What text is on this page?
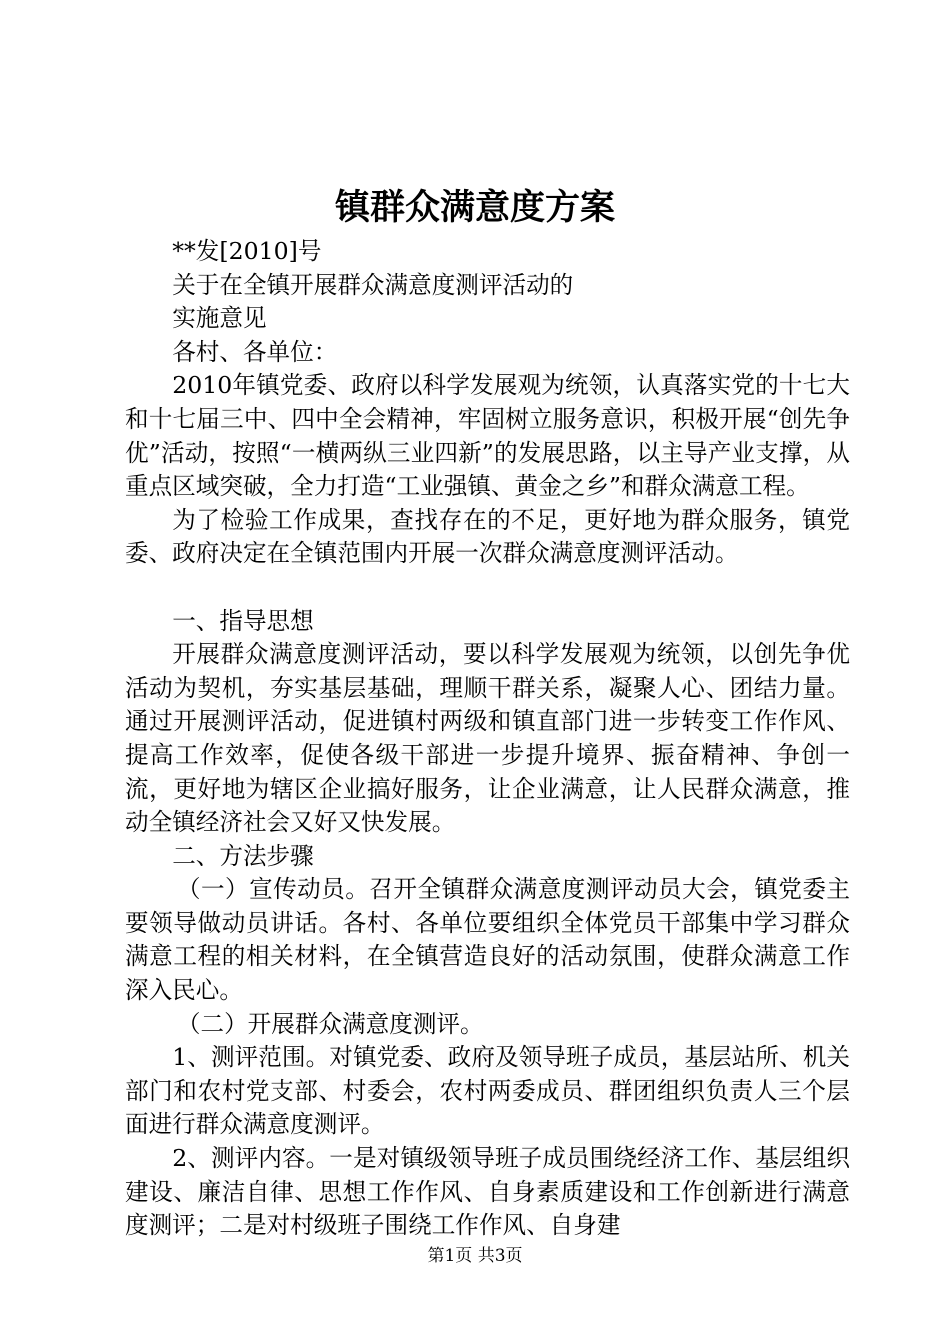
镇群众满意度方案

**发[2010]号

关于在全镇开展群众满意度测评活动的

实施意见

各村、各单位：

2010年镇党委、政府以科学发展观为统领，认真落实党的十七大和十七届三中、四中全会精神，牢固树立服务意识，积极开展“创先争优”活动，按照“一横两纵三业四新”的发展思路，以主导产业支撑，从重点区域突破，全力打造“工业强镇、黄金之乡”和群众满意工程。

为了检验工作成果，查找存在的不足，更好地为群众服务，镇党委、政府决定在全镇范围内开展一次群众满意度测评活动。

一、指导思想

开展群众满意度测评活动，要以科学发展观为统领，以创先争优活动为契机，夯实基层基础，理顺干群关系，凝聚人心、团结力量。通过开展测评活动，促进镇村两级和镇直部门进一步转变工作作风、提高工作效率，促使各级干部进一步提升境界、振奋精神、争创一流，更好地为辖区企业搞好服务，让企业满意，让人民群众满意，推动全镇经济社会又好又快发展。

二、方法步骤

（一）宣传动员。召开全镇群众满意度测评动员大会，镇党委主要领导做动员讲话。各村、各单位要组织全体党员干部集中学习群众满意工程的相关材料，在全镇营造良好的活动氛围，使群众满意工作深入民心。

（二）开展群众满意度测评。

1、测评范围。对镇党委、政府及领导班子成员，基层站所、机关部门和农村党支部、村委会，农村两委成员、群团组织负责人三个层面进行群众满意度测评。

2、测评内容。一是对镇级领导班子成员围绕经济工作、基层组织建设、廉洁自律、思想工作作风、自身素质建设和工作创新进行满意度测评；二是对村级班子围绕工作作风、自身建

第1页 共3页
